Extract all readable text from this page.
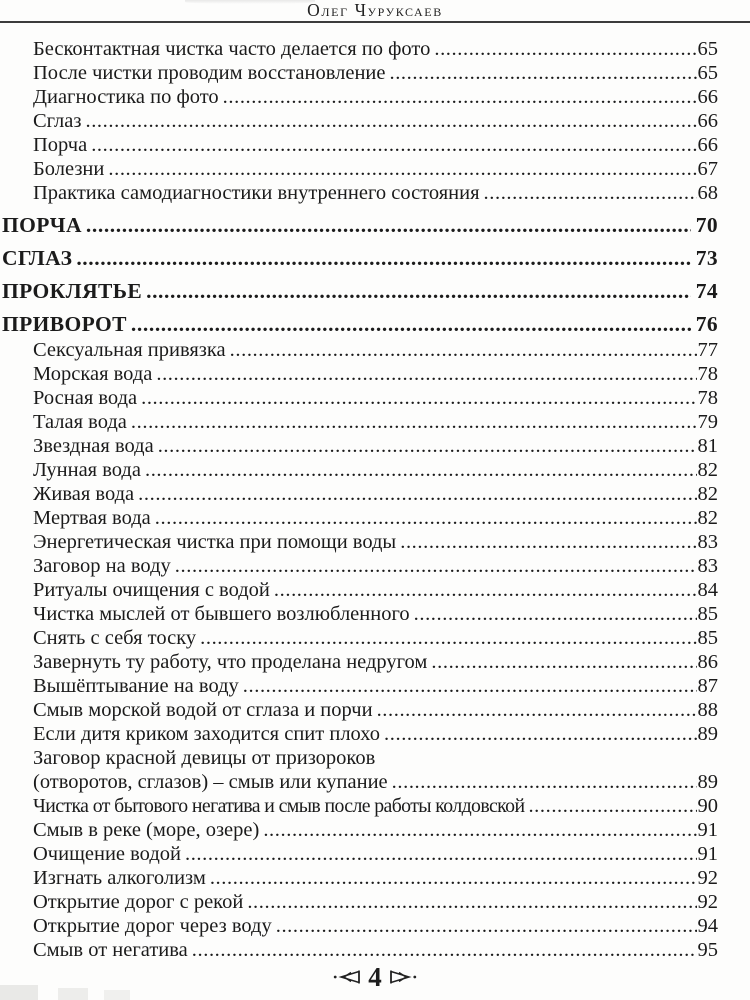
Олег Чуруксаев
Бесконтактная чистка часто делается по фото .....	65
После чистки проводим восстановление .....	65
Диагностика по фото .....	66
Сглаз .....	66
Порча .....	66
Болезни .....	67
Практика самодиагностики внутреннего состояния .....	68
ПОРЧА .....	70
СГЛАЗ .....	73
ПРОКЛЯТЬЕ .....	74
ПРИВОРОТ .....	76
Сексуальная привязка .....	77
Морская вода .....	78
Росная вода .....	78
Талая вода .....	79
Звездная вода .....	81
Лунная вода .....	82
Живая вода .....	82
Мертвая вода .....	82
Энергетическая чистка при помощи воды .....	83
Заговор на воду .....	83
Ритуалы очищения с водой .....	84
Чистка мыслей от бывшего возлюбленного .....	85
Снять с себя тоску .....	85
Завернуть ту работу, что проделана недругом .....	86
Вышёптывание на воду .....	87
Смыв морской водой от сглаза и порчи .....	88
Если дитя криком заходится спит плохо .....	89
Заговор красной девицы от призороков
(отворотов, сглазов) – смыв или купание .....	89
Чистка от бытового негатива и смыв после работы колдовской .....	90
Смыв в реке (море, озере) .....	91
Очищение водой .....	91
Изгнать алкоголизм .....	92
Открытие дорог с рекой .....	92
Открытие дорог через воду .....	94
Смыв от негатива .....	95
4
